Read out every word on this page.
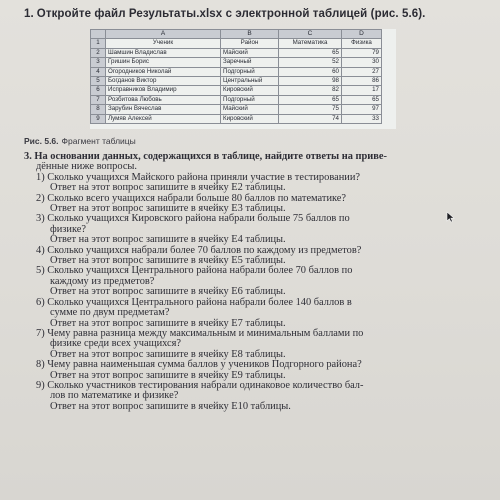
1. Откройте файл Результаты.xlsx с электронной таблицей (рис. 5.6).
	A	B	C	D
1	Ученик	Район	Математика	Физика
2	Шамшин Владислав	Майский	65	79
3	Гришин Борис	Заречный	52	30
4	Огородников Николай	Подгорный	60	27
5	Богданов Виктор	Центральный	98	86
6	Исправников Владимир	Кировский	82	17
7	Розбитова Любовь	Подгорный	65	65
8	Зарубин Вячеслав	Майский	75	97
9	Лумяв Алексей	Кировский	74	33
Рис. 5.6. Фрагмент таблицы
3. На основании данных, содержащихся в таблице, найдите ответы на приве-
дённые ниже вопросы.
1) Сколько учащихся Майского района приняли участие в тестировании?
Ответ на этот вопрос запишите в ячейку E2 таблицы.
2) Сколько всего учащихся набрали больше 80 баллов по математике?
Ответ на этот вопрос запишите в ячейку E3 таблицы.
3) Сколько учащихся Кировского района набрали больше 75 баллов по
физике?
Ответ на этот вопрос запишите в ячейку E4 таблицы.
4) Сколько учащихся набрали более 70 баллов по каждому из предметов?
Ответ на этот вопрос запишите в ячейку E5 таблицы.
5) Сколько учащихся Центрального района набрали более 70 баллов по
каждому из предметов?
Ответ на этот вопрос запишите в ячейку E6 таблицы.
6) Сколько учащихся Центрального района набрали более 140 баллов в
сумме по двум предметам?
Ответ на этот вопрос запишите в ячейку E7 таблицы.
7) Чему равна разница между максимальным и минимальным баллами по
физике среди всех учащихся?
Ответ на этот вопрос запишите в ячейку E8 таблицы.
8) Чему равна наименьшая сумма баллов у учеников Подгорного района?
Ответ на этот вопрос запишите в ячейку E9 таблицы.
9) Сколько участников тестирования набрали одинаковое количество бал-
лов по математике и физике?
Ответ на этот вопрос запишите в ячейку E10 таблицы.
